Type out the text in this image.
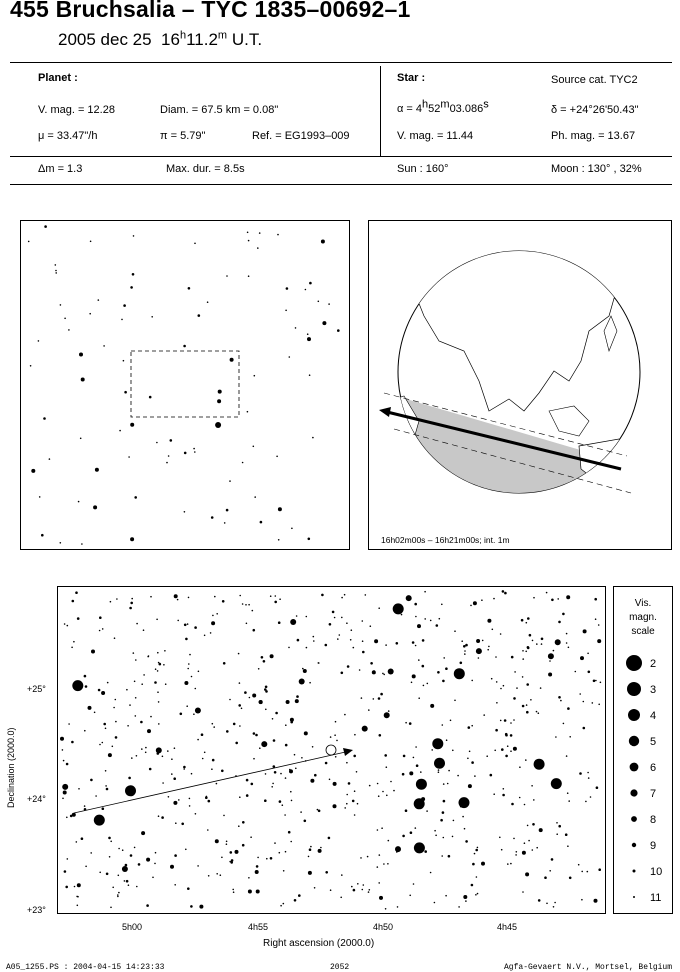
455 Bruchsalia – TYC 1835–00692–1
2005 dec 25 16$^h$11.2$^m$ U.T.
Planet :
V. mag. = 12.28	Diam. = 67.5 km = 0.08"
μ = 33.47"/h	π = 5.79"	Ref. = EG1993–009
Δm = 1.3	Max. dur. = 8.5s
Star :	Source cat. TYC2
α = 4h52m03.086s	δ = +24°26'50.43"
V. mag. = 11.44	Ph. mag. = 13.67
Sun : 160°	Moon : 130° , 32%
16h02m00s – 16h21m00s; int. 1m
Declination (2000.0)
Right ascension (2000.0)
+25°
+24°
+23°
5h00	4h55	4h50	4h45
Vis.
magn.
scale
2
3
4
5
6
7
8
9
10
11
A05_1255.PS : 2004-04-15 14:23:33	2052	Agfa-Gevaert N.V., Mortsel, Belgium
